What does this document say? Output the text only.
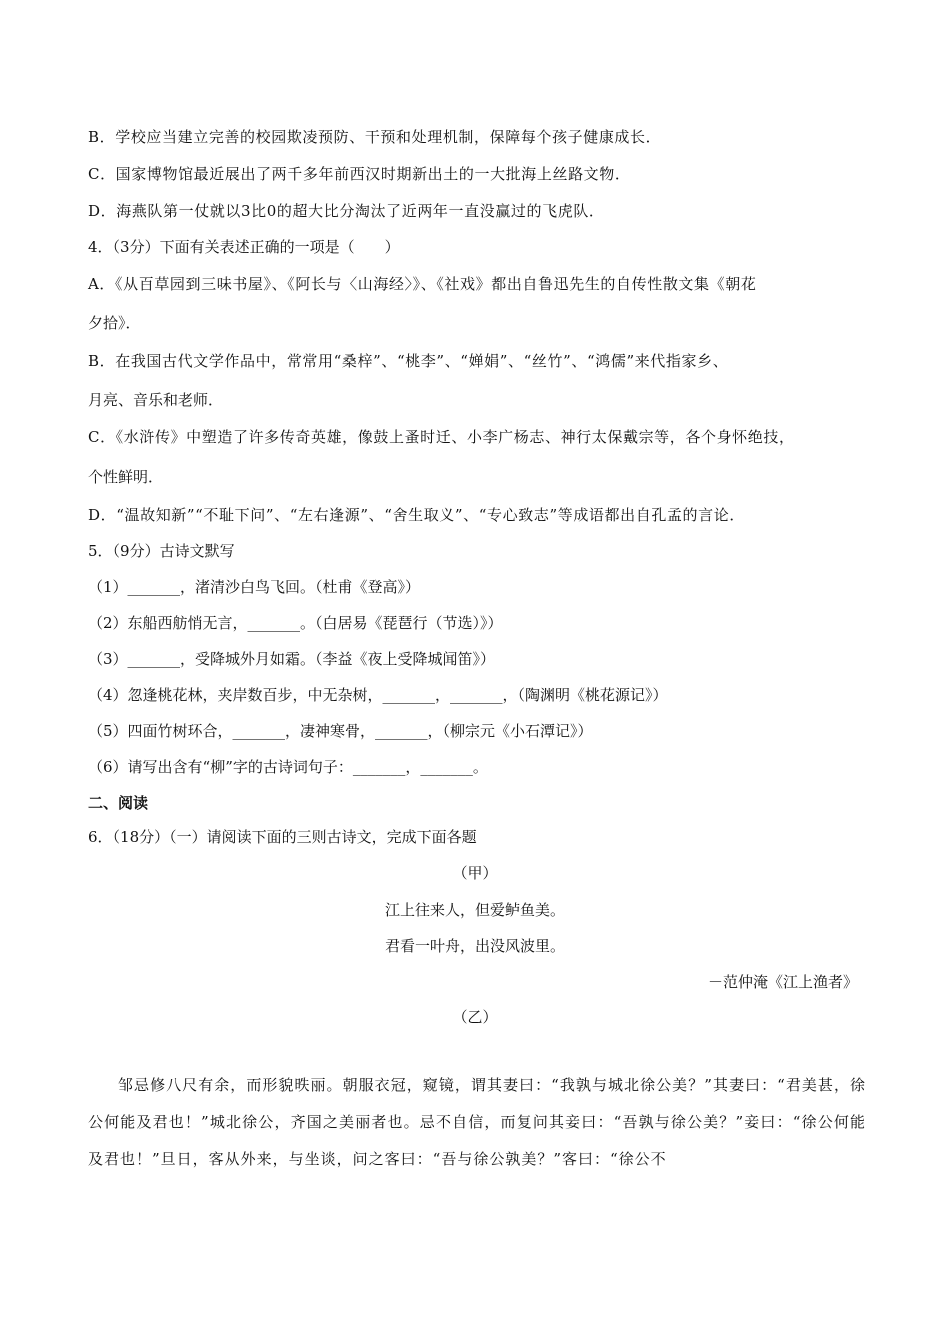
B．学校应当建立完善的校园欺凌预防、干预和处理机制，保障每个孩子健康成长．
C．国家博物馆最近展出了两千多年前西汉时期新出土的一大批海上丝路文物．
D．海燕队第一仗就以3比0的超大比分淘汰了近两年一直没赢过的飞虎队．
4．（3分）下面有关表述正确的一项是（　　）
A．《从百草园到三味书屋》、《阿长与〈山海经〉》、《社戏》都出自鲁迅先生的自传性散文集《朝花
夕拾》．
B．在我国古代文学作品中，常常用“桑梓”、“桃李”、“婵娟”、“丝竹”、“鸿儒”来代指家乡、
月亮、音乐和老师．
C．《水浒传》中塑造了许多传奇英雄，像鼓上蚤时迁、小李广杨志、神行太保戴宗等，各个身怀绝技，
个性鲜明．
D．“温故知新”“不耻下问”、“左右逢源”、“舍生取义”、“专心致志”等成语都出自孔孟的言论．
5．（9分）古诗文默写
（1）_______，渚清沙白鸟飞回。（杜甫《登高》）
（2）东船西舫悄无言，_______。（白居易《琵琶行（节选）》）
（3）_______，受降城外月如霜。（李益《夜上受降城闻笛》）
（4）忽逢桃花林，夹岸数百步，中无杂树，_______，_______，（陶渊明《桃花源记》）
（5）四面竹树环合，_______，凄神寒骨，_______，（柳宗元《小石潭记》）
（6）请写出含有“柳”字的古诗词句子：_______，_______。
二、阅读
6．（18分）（一）请阅读下面的三则古诗文，完成下面各题
（甲）
江上往来人，但爱鲈鱼美。
君看一叶舟，出没风波里。
－范仲淹《江上渔者》
（乙）
邹忌修八尺有余，而形貌昳丽。朝服衣冠，窥镜，谓其妻曰：“我孰与城北徐公美？”其妻曰：“君美甚，徐公何能及君也！”城北徐公，齐国之美丽者也。忌不自信，而复问其妾曰：“吾孰与徐公美？”妾曰：“徐公何能及君也！”旦日，客从外来，与坐谈，问之客曰：“吾与徐公孰美？”客曰：“徐公不
